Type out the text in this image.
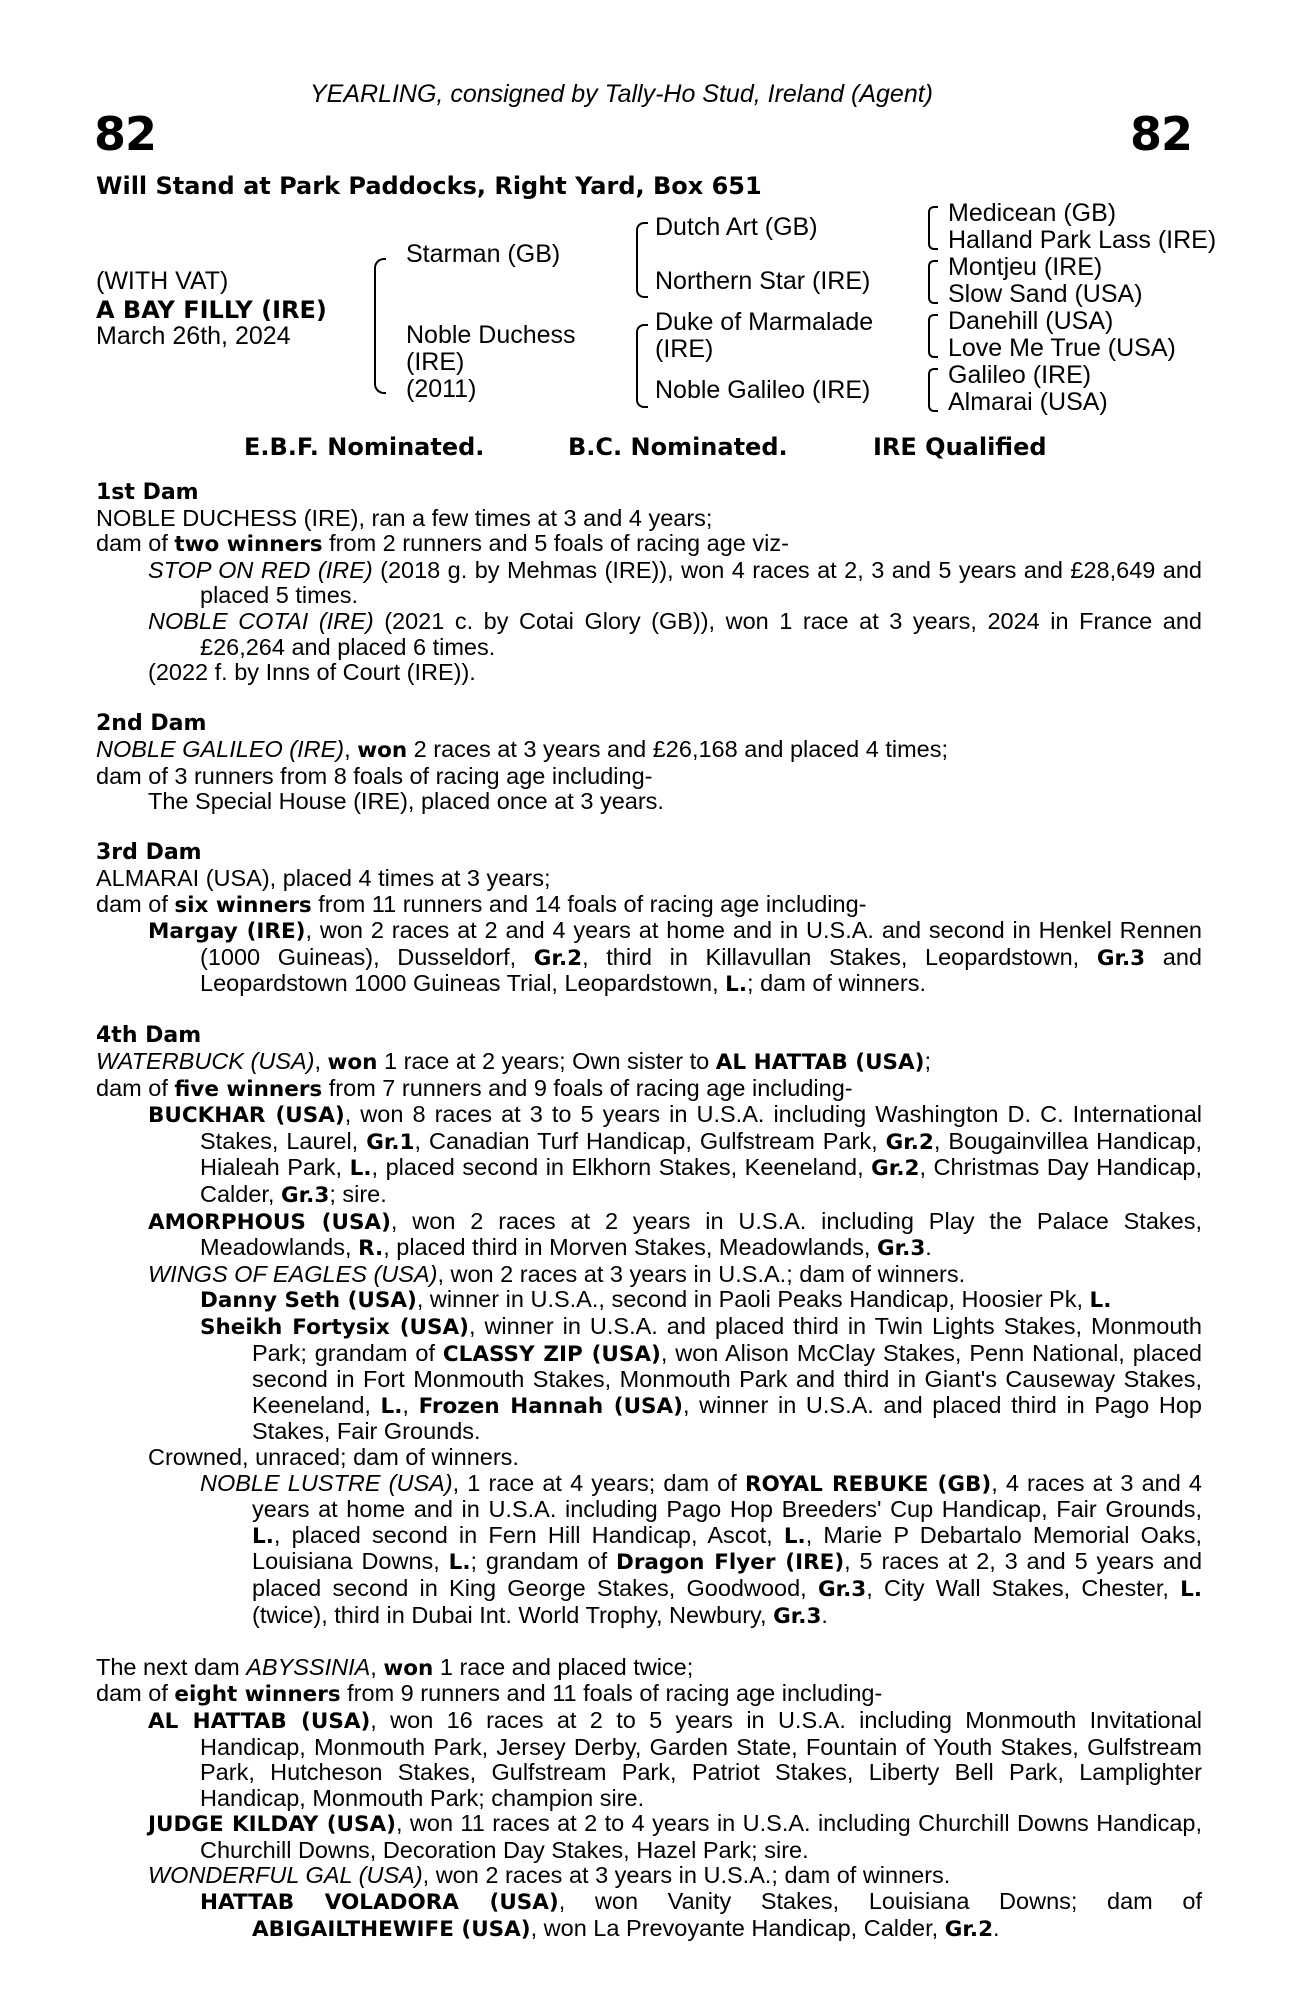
YEARLING, consigned by Tally-Ho Stud, Ireland (Agent)
82	82
Will Stand at Park Paddocks, Right Yard, Box 651
(WITH VAT)
A BAY FILLY (IRE)
March 26th, 2024
Starman (GB)
Noble Duchess
(IRE)
(2011)
Dutch Art (GB)
Northern Star (IRE)
Duke of Marmalade
(IRE)
Noble Galileo (IRE)
Medicean (GB)
Halland Park Lass (IRE)
Montjeu (IRE)
Slow Sand (USA)
Danehill (USA)
Love Me True (USA)
Galileo (IRE)
Almarai (USA)
E.B.F. Nominated.	B.C. Nominated.	IRE Qualified
1st Dam

NOBLE DUCHESS (IRE), ran a few times at 3 and 4 years;

dam of two winners from 2 runners and 5 foals of racing age viz-

STOP ON RED (IRE) (2018 g. by Mehmas (IRE)), won 4 races at 2, 3 and 5 years and £28,649 and placed 5 times.

NOBLE COTAI (IRE) (2021 c. by Cotai Glory (GB)), won 1 race at 3 years, 2024 in France and £26,264 and placed 6 times.

(2022 f. by Inns of Court (IRE)).

2nd Dam

NOBLE GALILEO (IRE), won 2 races at 3 years and £26,168 and placed 4 times;

dam of 3 runners from 8 foals of racing age including-

The Special House (IRE), placed once at 3 years.

3rd Dam

ALMARAI (USA), placed 4 times at 3 years;

dam of six winners from 11 runners and 14 foals of racing age including-

Margay (IRE), won 2 races at 2 and 4 years at home and in U.S.A. and second in Henkel Rennen (1000 Guineas), Dusseldorf, Gr.2, third in Killavullan Stakes, Leopardstown, Gr.3 and Leopardstown 1000 Guineas Trial, Leopardstown, L.; dam of winners.

4th Dam

WATERBUCK (USA), won 1 race at 2 years; Own sister to AL HATTAB (USA);

dam of five winners from 7 runners and 9 foals of racing age including-

BUCKHAR (USA), won 8 races at 3 to 5 years in U.S.A. including Washington D. C. International Stakes, Laurel, Gr.1, Canadian Turf Handicap, Gulfstream Park, Gr.2, Bougainvillea Handicap, Hialeah Park, L., placed second in Elkhorn Stakes, Keeneland, Gr.2, Christmas Day Handicap, Calder, Gr.3; sire.

AMORPHOUS (USA), won 2 races at 2 years in U.S.A. including Play the Palace Stakes, Meadowlands, R., placed third in Morven Stakes, Meadowlands, Gr.3.

WINGS OF EAGLES (USA), won 2 races at 3 years in U.S.A.; dam of winners.

Danny Seth (USA), winner in U.S.A., second in Paoli Peaks Handicap, Hoosier Pk, L.

Sheikh Fortysix (USA), winner in U.S.A. and placed third in Twin Lights Stakes, Monmouth Park; grandam of CLASSY ZIP (USA), won Alison McClay Stakes, Penn National, placed second in Fort Monmouth Stakes, Monmouth Park and third in Giant's Causeway Stakes, Keeneland, L., Frozen Hannah (USA), winner in U.S.A. and placed third in Pago Hop Stakes, Fair Grounds.

Crowned, unraced; dam of winners.

NOBLE LUSTRE (USA), 1 race at 4 years; dam of ROYAL REBUKE (GB), 4 races at 3 and 4 years at home and in U.S.A. including Pago Hop Breeders' Cup Handicap, Fair Grounds, L., placed second in Fern Hill Handicap, Ascot, L., Marie P Debartalo Memorial Oaks, Louisiana Downs, L.; grandam of Dragon Flyer (IRE), 5 races at 2, 3 and 5 years and placed second in King George Stakes, Goodwood, Gr.3, City Wall Stakes, Chester, L. (twice), third in Dubai Int. World Trophy, Newbury, Gr.3.

The next dam ABYSSINIA, won 1 race and placed twice;

dam of eight winners from 9 runners and 11 foals of racing age including-

AL HATTAB (USA), won 16 races at 2 to 5 years in U.S.A. including Monmouth Invitational Handicap, Monmouth Park, Jersey Derby, Garden State, Fountain of Youth Stakes, Gulfstream Park, Hutcheson Stakes, Gulfstream Park, Patriot Stakes, Liberty Bell Park, Lamplighter Handicap, Monmouth Park; champion sire.

JUDGE KILDAY (USA), won 11 races at 2 to 4 years in U.S.A. including Churchill Downs Handicap, Churchill Downs, Decoration Day Stakes, Hazel Park; sire.

WONDERFUL GAL (USA), won 2 races at 3 years in U.S.A.; dam of winners.

HATTAB VOLADORA (USA), won Vanity Stakes, Louisiana Downs; dam of ABIGAILTHEWIFE (USA), won La Prevoyante Handicap, Calder, Gr.2.
